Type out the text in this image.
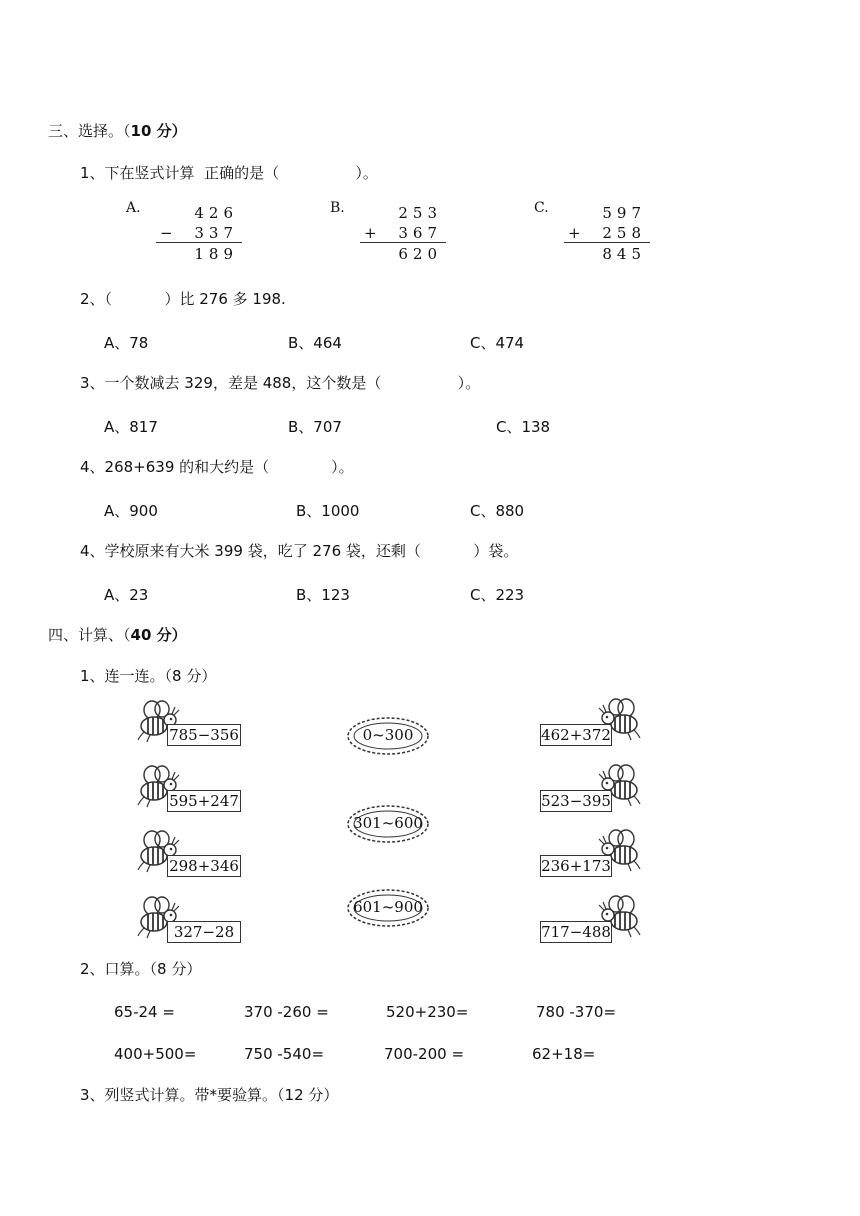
三、选择。（10 分）
1、下在竖式计算  正确的是（                ）。
A.	426
−	337
189
B.	253
+	367
620
C.	597
+	258
845
2、（           ）比 276 多 198.
A、78	B、464	C、474
3、一个数减去 329，差是 488，这个数是（                ）。
A、817	B、707	C、138
4、268+639 的和大约是（             ）。
A、900	B、1000	C、880
4、学校原来有大米 399 袋，吃了 276 袋，还剩（           ）袋。
A、23	B、123	C、223
四、计算、（40 分）
1、连一连。（8 分）
785−356
595+247
298+346
327−28
0~300
301~600
601~900
462+372
523−395
236+173
717−488
2、口算。（8 分）
65-24 =	370 -260 =	520+230=	780 -370=
400+500=	750 -540=	700-200 =	62+18=
3、列竖式计算。带*要验算。（12 分）
